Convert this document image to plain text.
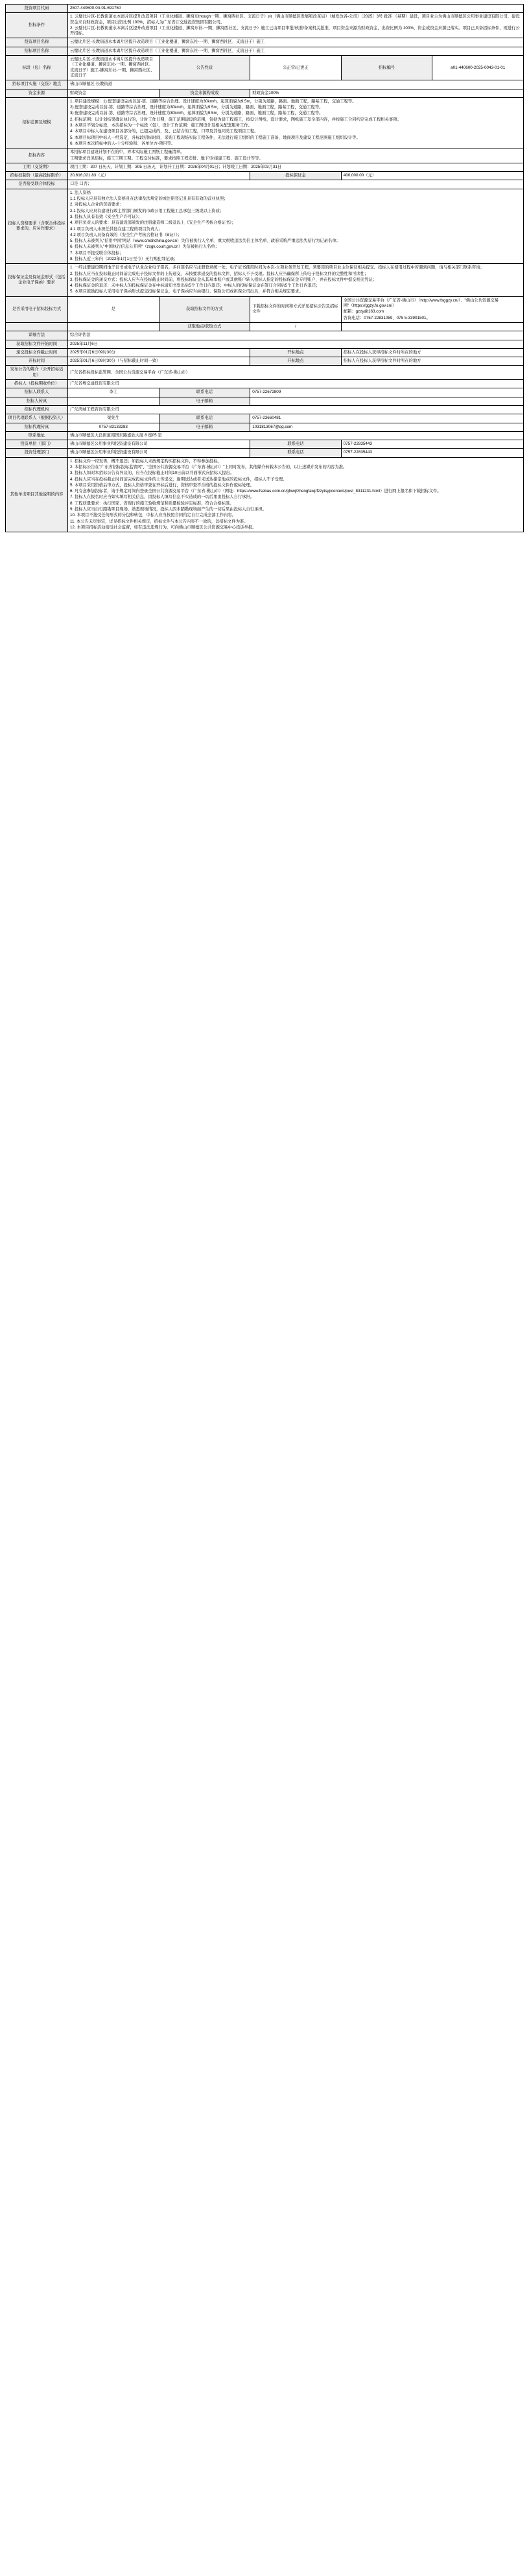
投资项目代码	2507-440600-04-01-691750				
招标条件	1. 云璧比片区-长教街道永本离片区提升改造项目（工业化楼道、狮窝东though一期、狮窝西社区、支流日子）由（佛山市顺德区发展和改革局）（城发改各-公司）〔2025〕3号 批准 （基期）建设，项目业主为佛山市顺德区公用事业建设有限公司，建设资金来自财政资金，项目出资比例 100%，招标人为广东省订交通投资集团有限公司。
2. 云璧比片区-长教街道永本离片区提升改造项目（工业化楼道、狮窝东社-一期、狮窝西社区、支流日子）施工已由项目审批/核准/备案机关批准，项目资金来源为财政资金，出资比例为 100%，资金或资金来源已落实。项目已具备招标条件，现进行公开招标。				

投资项目名称	云璧比片区-长教街道永本离片区提升改造项目（工业化楼道、狮窝东社-一期、狮窝西社区、支流日子）施工				
招标项目名称	云璧比片区-长教街道永本离片区提升改造项目（工业化楼道、狮窝东社-一期、狮窝西社区、支流日子）施工				
标段（包）名称	云璧比片区-长教街道永本离片区提升改造项目（工业化楼道、狮窝东社-一期、狮窝西社区、支流日子）施工-狮窝东社-一期、狮窝西社区、支流日子	公告性质	公正常/已更正	招标编号	a01-440600-2025-0043-01-01
招标项目实施（交货）地点	佛山市顺德区-长教街道				
资金来源	财政资金	资金来源构成或	财政资金100%		
招标范围及规模	
1. 项目建设规模：1) 配套建设完成以前-第、道路等综合治理、设计速度为30km/h，起算面貌为9.5m，分别为道路，路面、地面工程，路基工程，交通工程等。
2) 配套建设完成以前-第、道路等综合治理，设计速度为30km/h，起算面貌为9.5m，分别为道路，路面、地面工程，路基工程，交通工程等。
3) 配套建设完成以前-第、道路等综合治理，设计速度为30km/h，起算面貌为9.5m，分别为道路，路面、地面工程，路基工程，交通工程等。
2. 招标范围：以计划结果确认执行的，计时工作日期，施工范围建设的范围，包括为建工程施工，按设计图纸，设计要求，图纸施工及全部内容，并按施工合同约定完成工程相关事项。
3. 本项目不划分标段，本次招标为一个标段（包），设计工作范围：施工图设计及相关配套服务工作。
4. 本项目中标人在建设项目各部分的，已超完成的，及、已结合的工程，口罩及其他同类工程项目工程。
5. 本项目标项目中标人一经选定，各标段招标时间，采购工程现场实际工程条件，无法进行施工组织的工程施工准备，地面项目及建设工程范围施工组织设计等。
6. 本项目本次招标中的人-十分经验和、各单位方-项目等。

招标内容	本招标项目建设计划不在的中，界本实际施工图纸工程量清单。
工期要求详见招标，施工工期工期。工程交付标准，要求按照工程安排、地下/对接建工程、施工设计等等。				

工期（交货期）	项目工期：307 日历天，计划工期：305 日历天，计划开工日期：2026年04月01日；计划竣工日期：2025年03月31日				
招标控制价（最高投标限价）	20,616,021.83（元）		投标保证金	400,000.00（元）	
是否接受联合体投标	口是 口否；				
投标人资格要求（含联合体投标要求的，应另作要求）	
1. 法人资格
1.1 投标人应具有独立法人资格且在法律及法规定的或注册登记且具有有效的营业执照；
2. 对投标人企业的资质要求：
2.1 投标人应具有建设行政主管部门颁发的市政公用工程施工总承包三级或以上资质；
3. 投标人具有有效《安全生产许可证》；
4. 项目负责人的要求：具有建设部颁发的注册建造师二级及以上《安全生产考核合格证书》；
4.1 项目负责人未担任其他在建工程的项目负责人；
4.2 项目负责人具备有效的《安全生产考核合格证书（B证）》；
5. 投标人未被列入"信用中国"网站（www.creditchina.gov.cn）失信被执行人名单、重大税收违法失信主体名单、政府采购严重违法失信行为记录名单；
6. 投标人未被列入"中国执行信息公开网"（zxgk.court.gov.cn）失信被执行人名单；
7. 本项目不接受联合体投标；
8. 投标人近三年内（2022年1月1日至今）无行贿犯罪记录；

投标保证金及保证金形式（包括企业电子保函）要求	1. 一经注册建设期间地子证书或电子认业企业电子签名，多问签名应与注册登录统一处，电子证书使用时间为本次-立项业务开发工程，须要用的项目业主位保证相关提交。投标人在使用过程中若遇到问题，请与相关部门联系咨询；
2. 投标人应当在投标截止时间前完成电子投标文件的上传递交，未按要求递交的投标文件，招标人不予受理。投标人应当确保所上传电子投标文件的完整性和可读性；
3. 投标保证金的递交方式：投标人应当在投标截止时间前，将投标保证金从其基本账户或其他账户转入招标人指定的投标保证金专用账户，并在投标文件中提交相关凭证；
4. 投标保证金的退还：未中标人的投标保证金在中标通知书发出后5个工作日内退还；中标人的投标保证金在签订合同后5个工作日内退还；
5. 本项目鼓励投标人采用电子保函形式提交投标保证金，电子保函应当由银行、保险公司或担保公司出具，并符合相关规定要求。				

是否采用电子招标投标方式	是	获取招标文件的方式	下载招标文件的时间和方式详见招标公告及招标文件	全国公共资源交易平台（广东省-佛山市）（http://www.fsggzy.cn/）、"佛山公共资源交易网"（https://ggzy.fo.gov.cn/）
邮箱：gzzy@163.com
咨询电话：0757-22831059、075 5-33901501。	

		获取地点/获取方式	/		
详细方法	综合评估法				
获取招标文件开始时间	2025年11月6日				
递交投标文件截止时间	2025年01月6日09时30分		开标地点	招标人在投标人获得招标文件时所在的地方	
开标时间	2025年01月6日09时30分（与招标截止时间一致）		开标地点	招标人在投标人获得招标文件时所在的地方	
发布公告的媒介（公开招标适用）	广东省招标投标监管网、全国公共资源交易平台（广东省-佛山市）				
招标人（投标期收单位）	广东省粤交通投资有限公司				
招标人联系人	李工	联系电话	0757-22672809		
招标人传真		电子邮箱			
招标代理机构	广东鸿城工程咨询有限公司				
项目代理联系人（根据投资人）	梁先生	联系电话	0757-23660481		
招标代理传真	0757-83133283	电子邮箱	1031813067@qq.com		
联系地址	佛山市顺德区大良街道南国东路嘉欣大厦 8 座05 室				
投资单位（部门）	佛山市顺德区公用事业和投资建设有限公司		联系电话	0757-22835443	
投资处理部门	佛山市顺德区公用事业和投资建设有限公司		联系电话	0757-22835443	
其他单击项目其他说明的内容	
1. 招标文件一经发售，概不退还；如投标人未按规定购买招标文件，不得参加投标。
2. 本招标公告在"广东省招标投标监管网"、"全国公共资源交易平台（广东省-佛山市）"上同时发布，其他媒介转载本公告的，以上述媒介发布的内容为准。
3. 投标人如对本招标公告有异议的，应当在投标截止时间10日前以书面形式向招标人提出。
4. 投标人应当在投标截止时间前完成投标文件的上传递交，逾期送达或者未送达指定地点的投标文件，招标人不予受理。
5. 本项目采用资格后审方式，投标人资格审查在开标后进行，资格审查不合格的投标文件作废标处理。
6. 凡有意参加投标者，请于规定时间内登录全国公共资源交易平台（广东省-佛山市）（网址：https://www.fsebas.com.cn/gfxwj/zhengfawj/fzzytsyj/content/post_8311231.html）进行网上报名和下载招标文件。
7. 投标人在报名时应当如实填写相关信息，因投标人填写信息不实造成的一切后果由投标人自行承担。
8. 工程质量要求：执行国家、省现行的施工验收规范和质量检验评定标准，符合合格标准。
9. 投标人应当自行踏勘项目现场，熟悉现场情况，投标人因未踏勘现场而产生的一切后果由投标人自行承担。
10. 本项目不接受任何形式的分包和转包，中标人应当按照合同约定自行完成全部工作内容。
11. 本公告未尽事宜，详见招标文件相关规定，招标文件与本公告内容不一致的，以招标文件为准。
12. 本项目招标活动接受社会监督，如有违法违规行为，可向佛山市顺德区公共资源交易中心投诉举报。
